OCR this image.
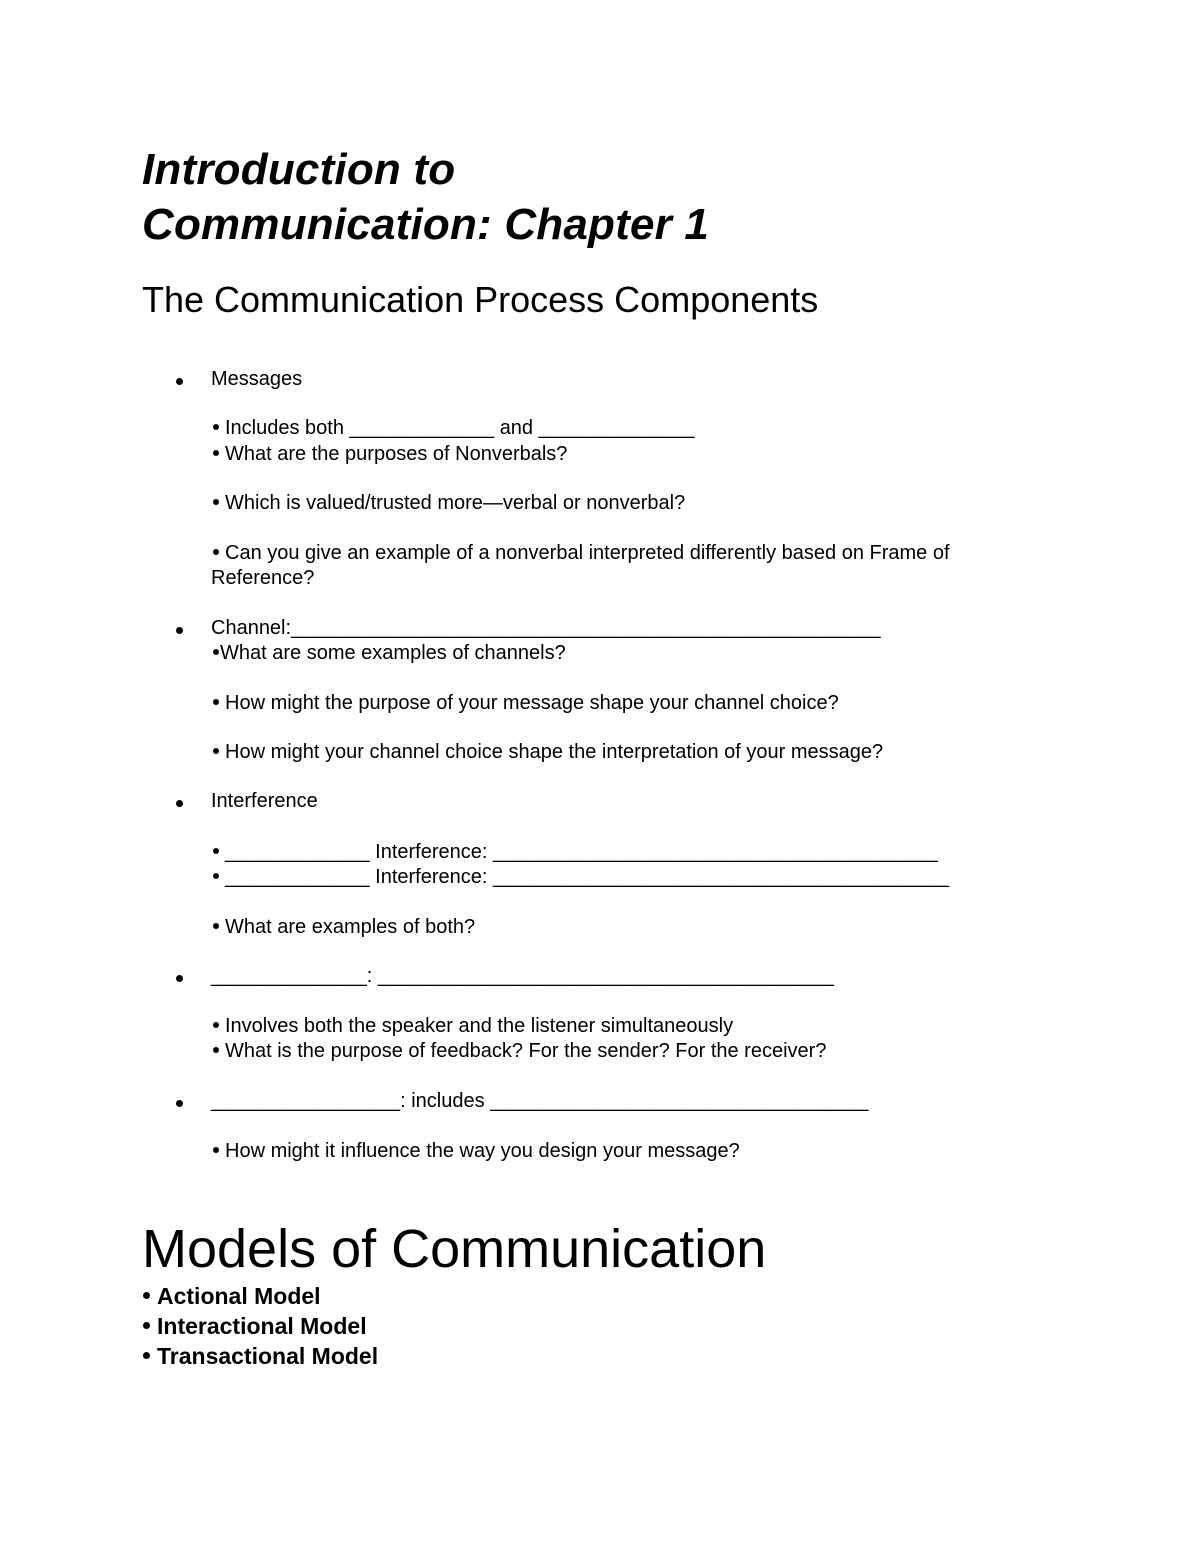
Introduction to
Communication: Chapter 1
The Communication Process Components
Messages
Includes both _____________ and ______________
What are the purposes of Nonverbals?
Which is valued/trusted more—verbal or nonverbal?
Can you give an example of a nonverbal interpreted differently based on Frame of Reference?
Channel:_____________________________________________________
What are some examples of channels?
How might the purpose of your message shape your channel choice?
How might your channel choice shape the interpretation of your message?
Interference
_____________ Interference: ________________________________________
_____________ Interference: _________________________________________
What are examples of both?
______________: _________________________________________
Involves both the speaker and the listener simultaneously
What is the purpose of feedback? For the sender? For the receiver?
_________________: includes __________________________________
How might it influence the way you design your message?
Models of Communication
Actional Model
Interactional Model
Transactional Model
